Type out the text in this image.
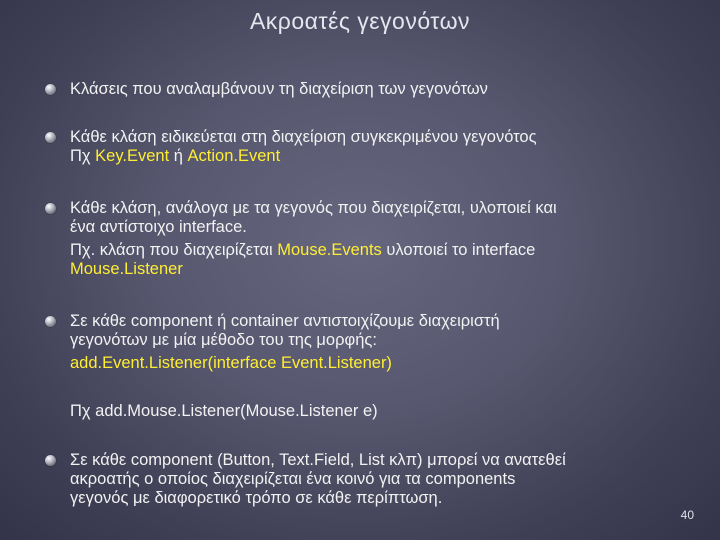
Ακροατές γεγονότων
Κλάσεις που αναλαμβάνουν τη διαχείριση των γεγονότων
Κάθε κλάση ειδικεύεται στη διαχείριση συγκεκριμένου γεγονότος
Πχ Key.Event ή Action.Event
Κάθε κλάση, ανάλογα με τα γεγονός που διαχειρίζεται, υλοποιεί και
ένα αντίστοιχο interface.
Πχ. κλάση που διαχειρίζεται Mouse.Events υλοποιεί το interface
Mouse.Listener
Σε κάθε component ή container αντιστοιχίζουμε διαχειριστή
γεγονότων με μία μέθοδο του της μορφής:
add.Event.Listener(interface Event.Listener)
Πχ add.Mouse.Listener(Mouse.Listener e)
Σε κάθε component (Button, Text.Field, List κλπ) μπορεί να ανατεθεί
ακροατής ο οποίος διαχειρίζεται ένα κοινό για τα components
γεγονός με διαφορετικό τρόπο σε κάθε περίπτωση.
40
